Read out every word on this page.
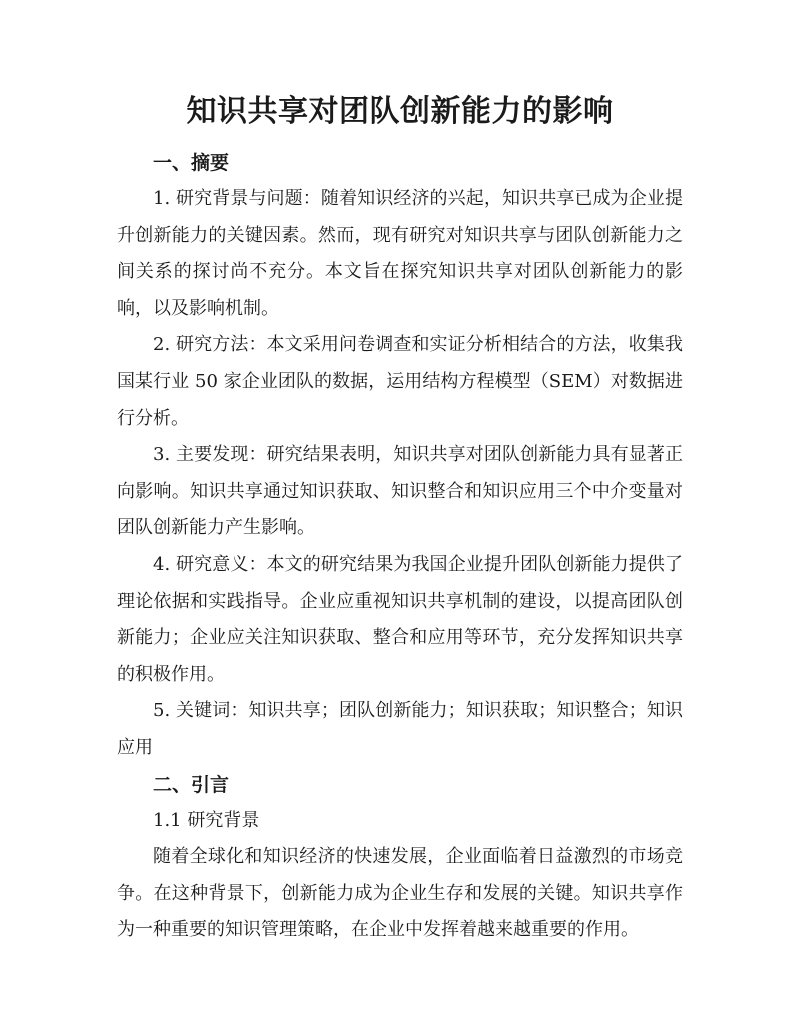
知识共享对团队创新能力的影响
一、摘要

1. 研究背景与问题：随着知识经济的兴起，知识共享已成为企业提升创新能力的关键因素。然而，现有研究对知识共享与团队创新能力之间关系的探讨尚不充分。本文旨在探究知识共享对团队创新能力的影响，以及影响机制。

2. 研究方法：本文采用问卷调查和实证分析相结合的方法，收集我国某行业 50 家企业团队的数据，运用结构方程模型（SEM）对数据进行分析。

3. 主要发现：研究结果表明，知识共享对团队创新能力具有显著正向影响。知识共享通过知识获取、知识整合和知识应用三个中介变量对团队创新能力产生影响。

4. 研究意义：本文的研究结果为我国企业提升团队创新能力提供了理论依据和实践指导。企业应重视知识共享机制的建设，以提高团队创新能力；企业应关注知识获取、整合和应用等环节，充分发挥知识共享的积极作用。

5. 关键词：知识共享；团队创新能力；知识获取；知识整合；知识应用

二、引言
1.1 研究背景

随着全球化和知识经济的快速发展，企业面临着日益激烈的市场竞争。在这种背景下，创新能力成为企业生存和发展的关键。知识共享作为一种重要的知识管理策略，在企业中发挥着越来越重要的作用。
